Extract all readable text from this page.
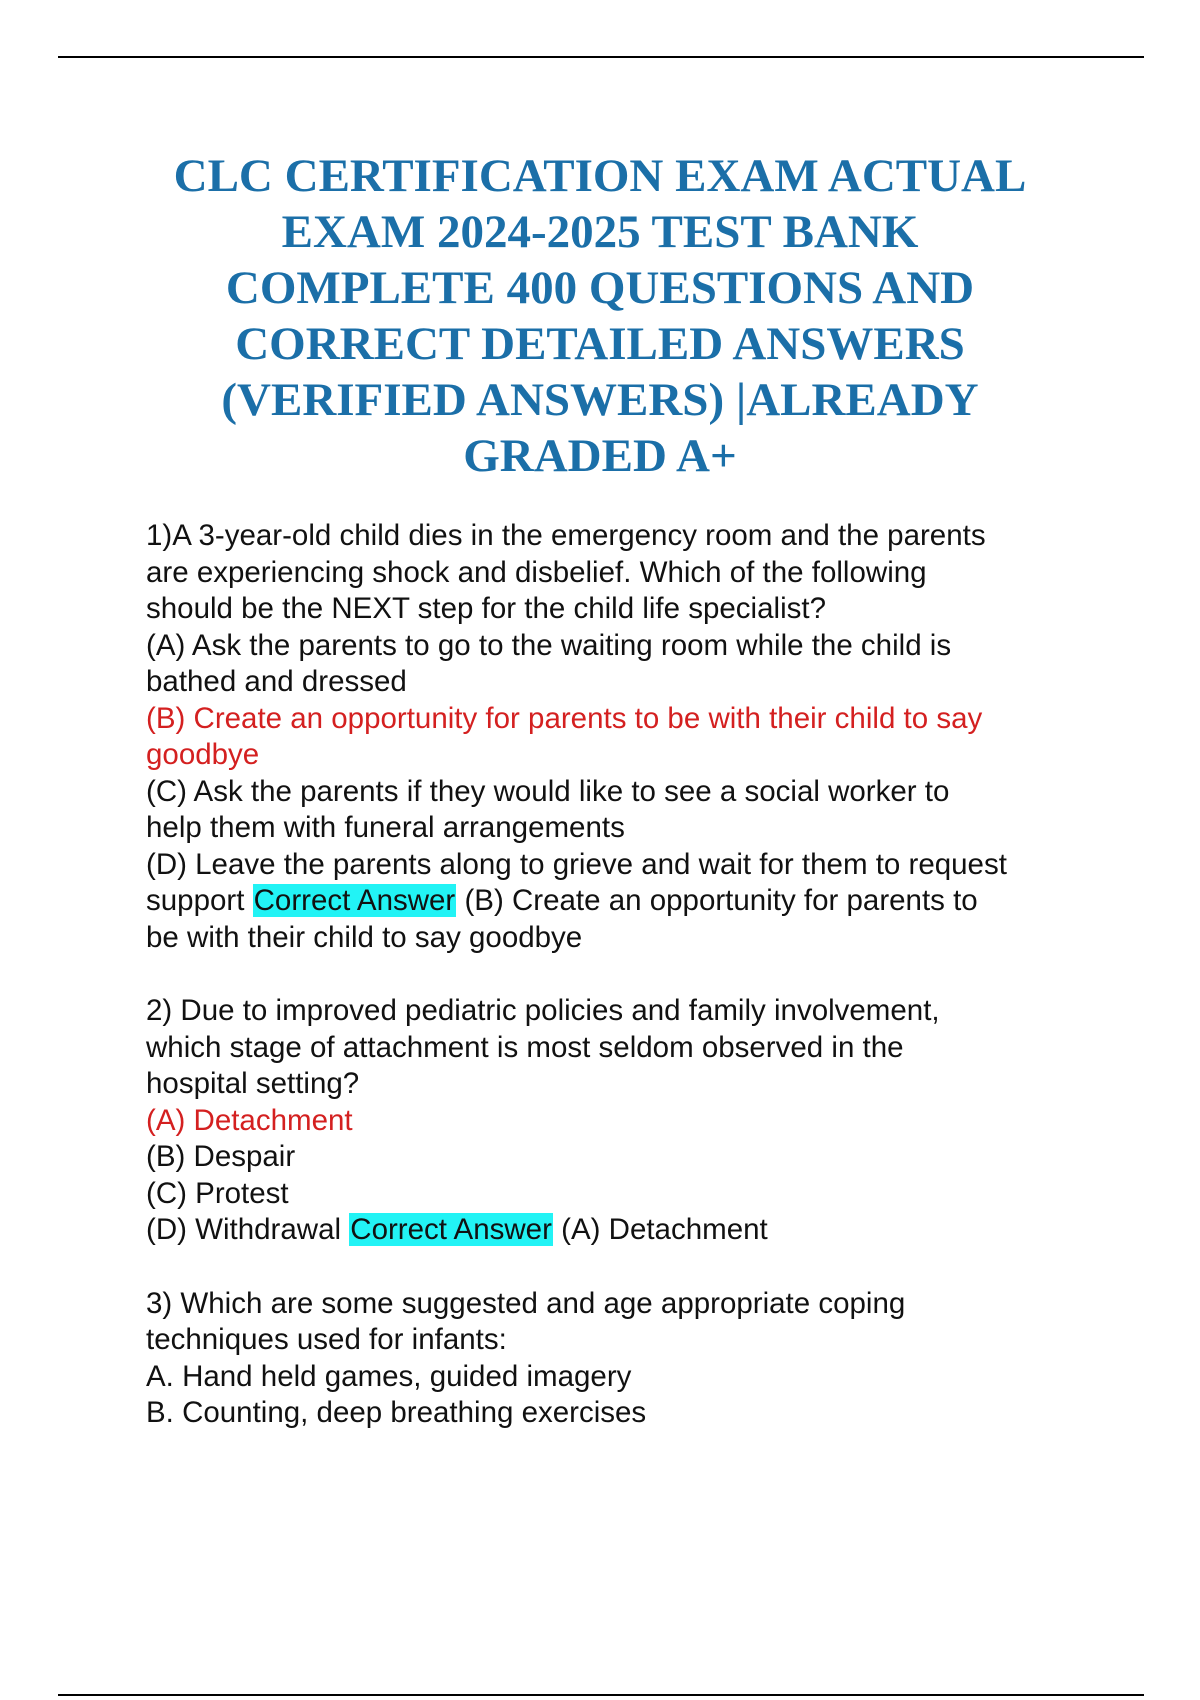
CLC CERTIFICATION EXAM ACTUAL
EXAM 2024-2025 TEST BANK
COMPLETE 400 QUESTIONS AND
CORRECT DETAILED ANSWERS
(VERIFIED ANSWERS) |ALREADY
GRADED A+
1)A 3-year-old child dies in the emergency room and the parents
are experiencing shock and disbelief. Which of the following
should be the NEXT step for the child life specialist?
(A) Ask the parents to go to the waiting room while the child is
bathed and dressed
(B) Create an opportunity for parents to be with their child to say
goodbye
(C) Ask the parents if they would like to see a social worker to
help them with funeral arrangements
(D) Leave the parents along to grieve and wait for them to request
support Correct Answer (B) Create an opportunity for parents to
be with their child to say goodbye
2) Due to improved pediatric policies and family involvement,
which stage of attachment is most seldom observed in the
hospital setting?
(A) Detachment
(B) Despair
(C) Protest
(D) Withdrawal Correct Answer (A) Detachment
3) Which are some suggested and age appropriate coping
techniques used for infants:
A. Hand held games, guided imagery
B. Counting, deep breathing exercises
